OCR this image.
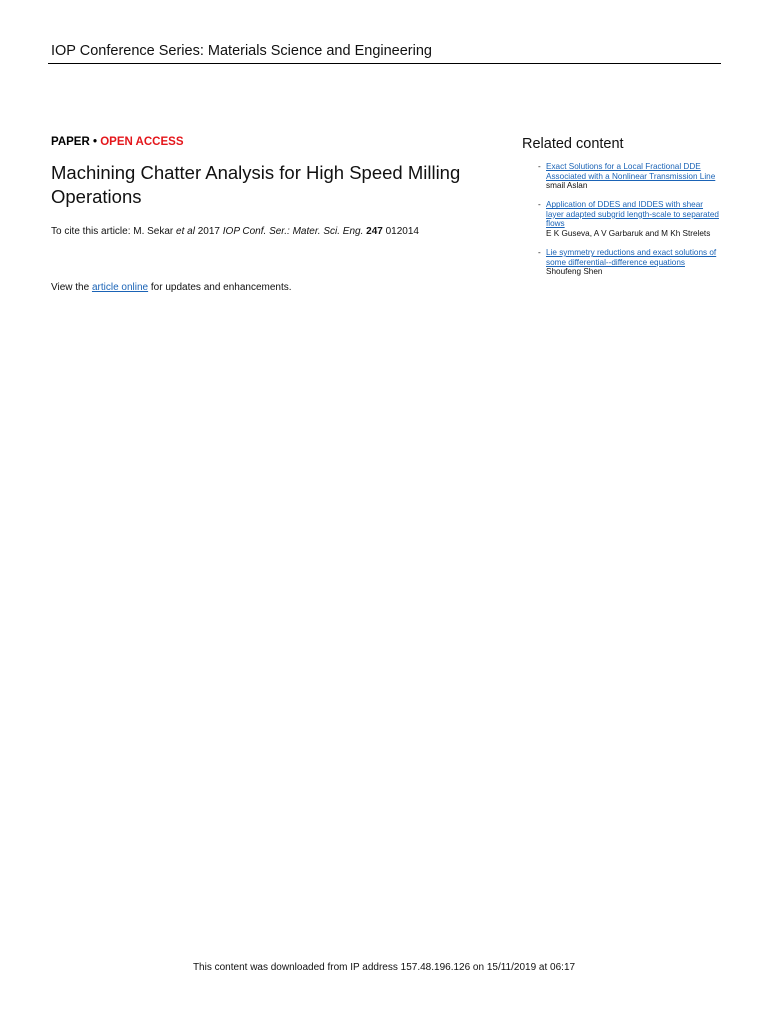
IOP Conference Series: Materials Science and Engineering
PAPER • OPEN ACCESS
Machining Chatter Analysis for High Speed Milling Operations
To cite this article: M. Sekar et al 2017 IOP Conf. Ser.: Mater. Sci. Eng. 247 012014
View the article online for updates and enhancements.
Related content
- Exact Solutions for a Local Fractional DDE Associated with a Nonlinear Transmission Line
smail Aslan
- Application of DDES and IDDES with shear layer adapted subgrid length-scale to separated flows
E K Guseva, A V Garbaruk and M Kh Strelets
- Lie symmetry reductions and exact solutions of some differential--difference equations
Shoufeng Shen
This content was downloaded from IP address 157.48.196.126 on 15/11/2019 at 06:17
